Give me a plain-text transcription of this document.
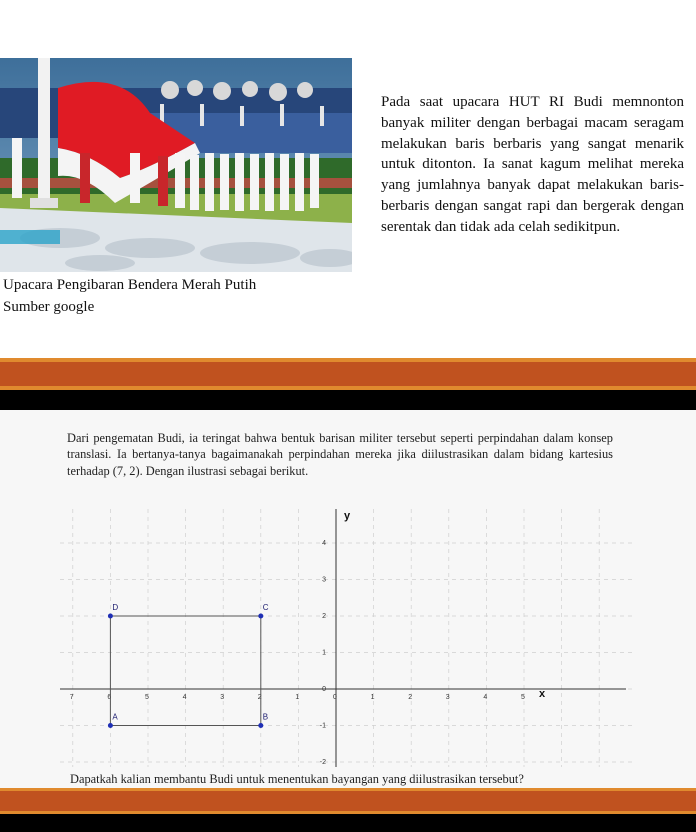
Pada saat upacara HUT RI Budi memnonton banyak militer dengan berbagai macam seragam melakukan baris berbaris yang sangat menarik untuk ditonton. Ia sanat kagum melihat mereka yang jumlahnya banyak dapat melakukan baris-berbaris dengan sangat rapi dan bergerak dengan serentak dan tidak ada celah sedikitpun.

Upacara Pengibaran Bendera Merah Putih

Sumber google

Dari pengematan Budi, ia teringat bahwa bentuk barisan militer tersebut seperti perpindahan dalam konsep translasi. Ia bertanya-tanya bagaimanakah perpindahan mereka jika diilustrasikan dalam bidang kartesius terhadap (7, 2). Dengan ilustrasi sebagai berikut.

7	6	5	4	3	2	1	0	1	2	3	4	5
4
3
2
1
0
-1
-2
x
y
A	B
C
D

Dapatkah kalian membantu Budi untuk menentukan bayangan yang diilustrasikan tersebut?
